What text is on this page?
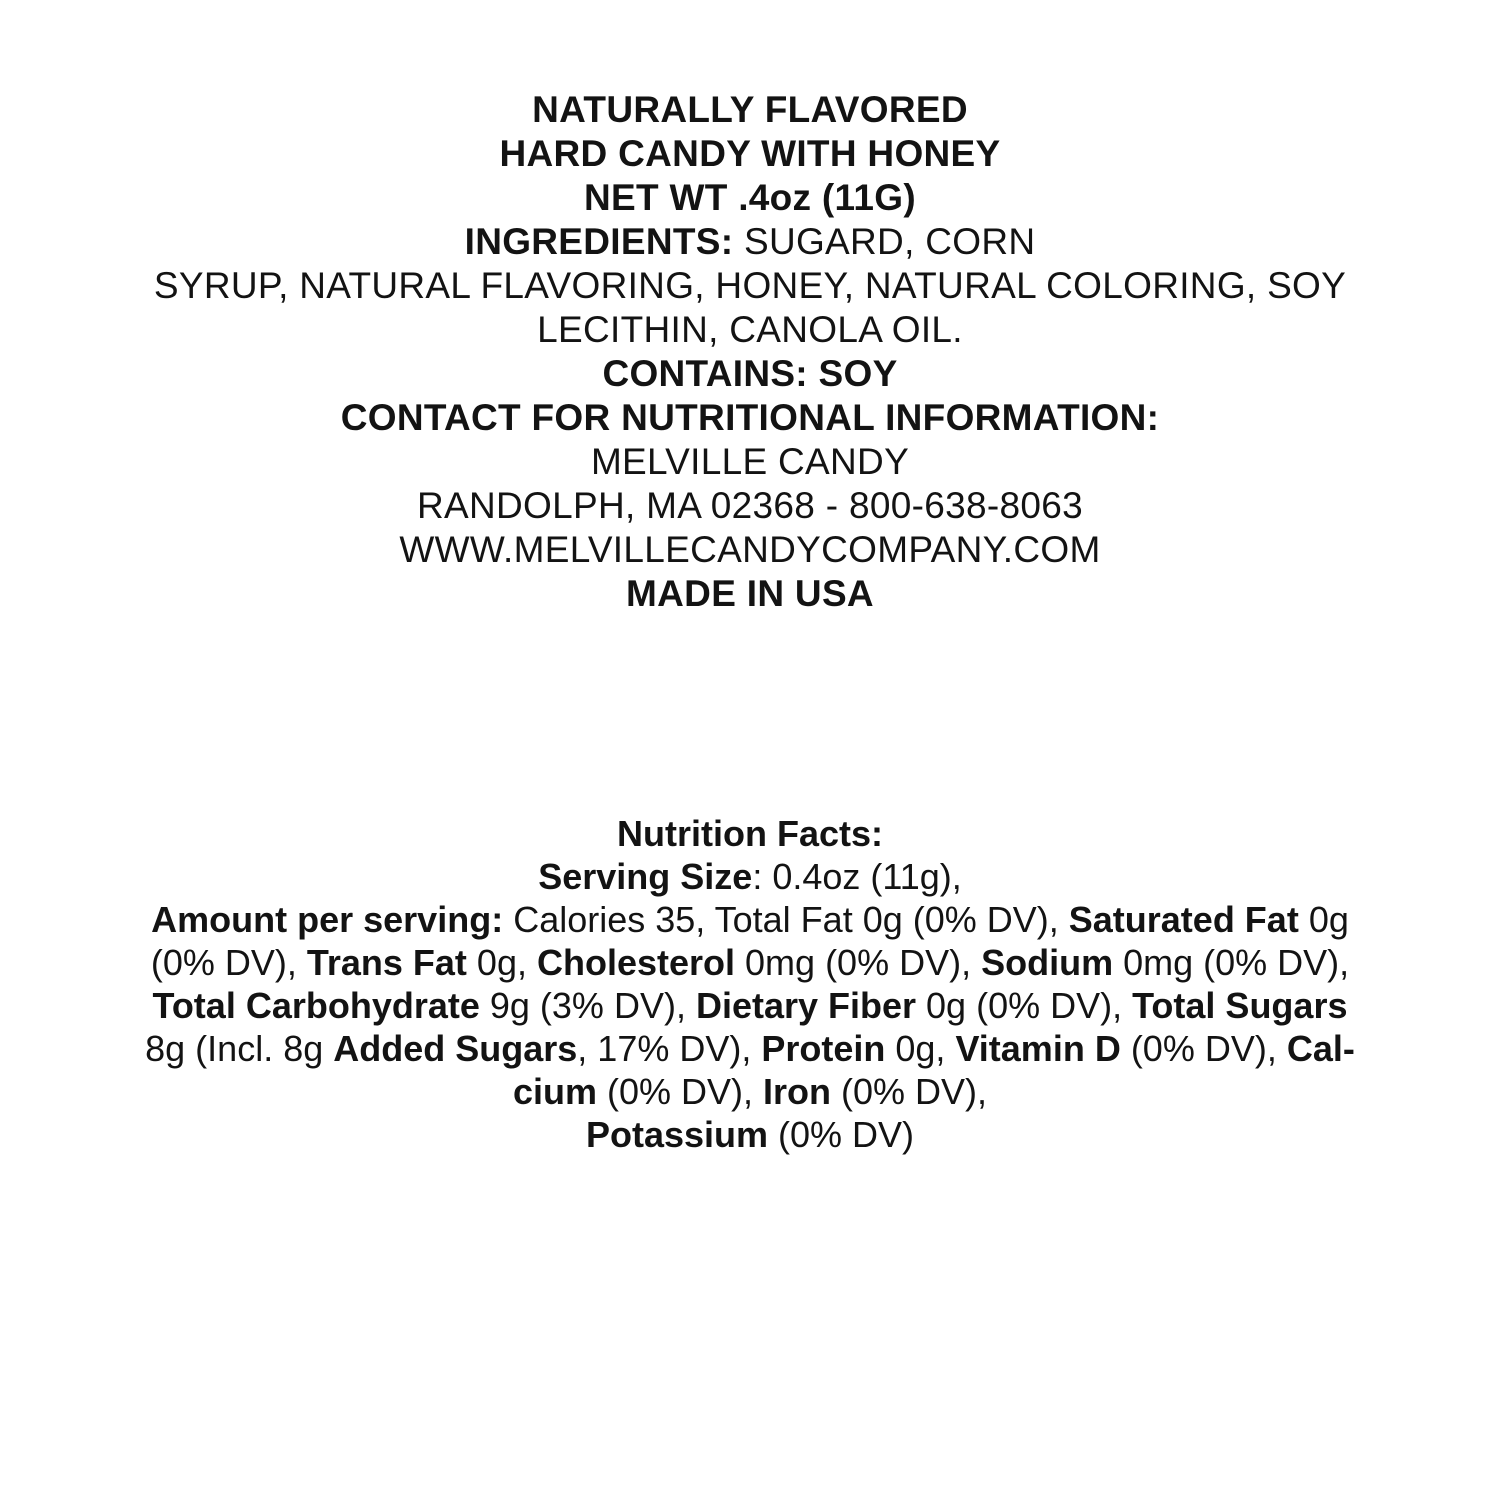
NATURALLY FLAVORED
HARD CANDY WITH HONEY
NET WT .4oz (11G)
INGREDIENTS: SUGARD, CORN
SYRUP, NATURAL FLAVORING, HONEY, NATURAL COLORING, SOY
LECITHIN, CANOLA OIL.
CONTAINS: SOY
CONTACT FOR NUTRITIONAL INFORMATION:
MELVILLE CANDY
RANDOLPH, MA 02368 - 800-638-8063
WWW.MELVILLECANDYCOMPANY.COM
MADE IN USA
Nutrition Facts:
Serving Size: 0.4oz (11g),
Amount per serving: Calories 35, Total Fat 0g (0% DV), Saturated Fat 0g
(0% DV), Trans Fat 0g, Cholesterol 0mg (0% DV), Sodium 0mg (0% DV),
Total Carbohydrate 9g (3% DV), Dietary Fiber 0g (0% DV), Total Sugars
8g (Incl. 8g Added Sugars, 17% DV), Protein 0g, Vitamin D (0% DV), Cal-
cium (0% DV), Iron (0% DV),
Potassium (0% DV)
